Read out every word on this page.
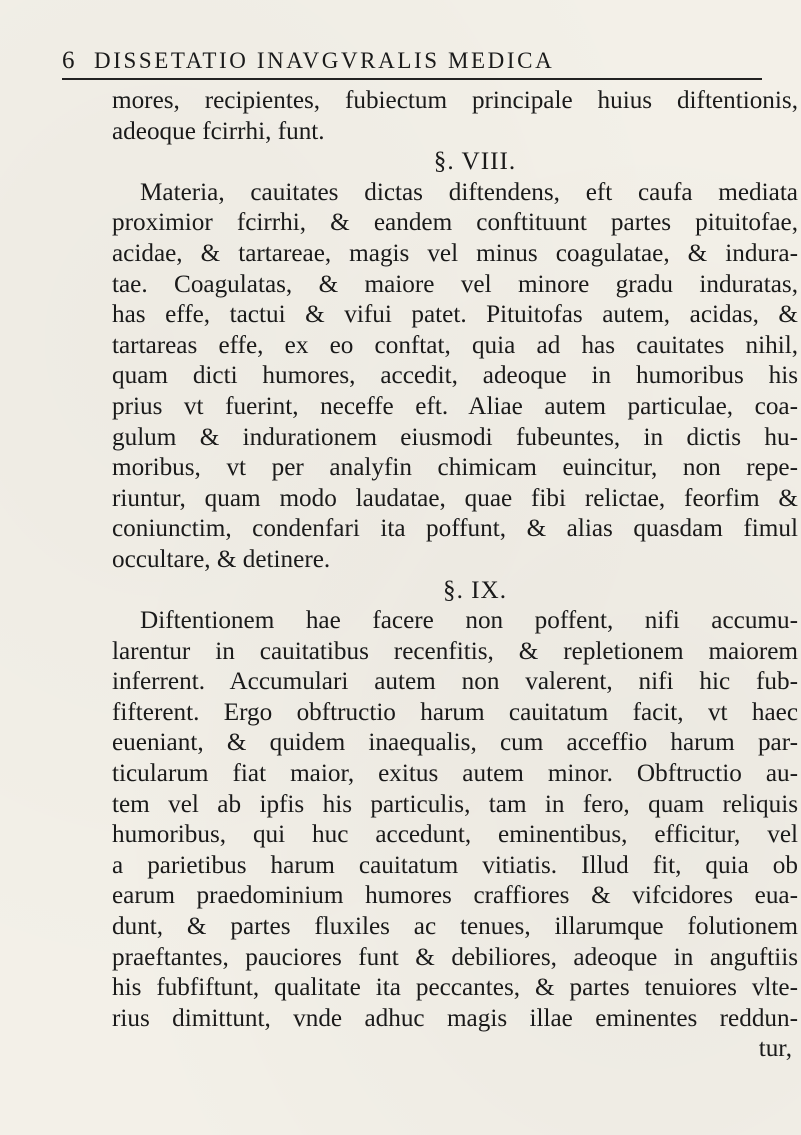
6 DISSETATIO INAVGVRALIS MEDICA
mores, recipientes, fubiectum principale huius diftentionis,
adeoque fcirrhi, funt.
§. VIII.
Materia, cauitates dictas diftendens, eft caufa mediata
proximior fcirrhi, & eandem conftituunt partes pituitofae,
acidae, & tartareae, magis vel minus coagulatae, & indura-
tae. Coagulatas, & maiore vel minore gradu induratas,
has effe, tactui & vifui patet. Pituitofas autem, acidas, &
tartareas effe, ex eo conftat, quia ad has cauitates nihil,
quam dicti humores, accedit, adeoque in humoribus his
prius vt fuerint, neceffe eft. Aliae autem particulae, coa-
gulum & indurationem eiusmodi fubeuntes, in dictis hu-
moribus, vt per analyfin chimicam euincitur, non repe-
riuntur, quam modo laudatae, quae fibi relictae, feorfim &
coniunctim, condenfari ita poffunt, & alias quasdam fimul
occultare, & detinere.
§. IX.
Diftentionem hae facere non poffent, nifi accumu-
larentur in cauitatibus recenfitis, & repletionem maiorem
inferrent. Accumulari autem non valerent, nifi hic fub-
fifterent. Ergo obftructio harum cauitatum facit, vt haec
eueniant, & quidem inaequalis, cum acceffio harum par-
ticularum fiat maior, exitus autem minor. Obftructio au-
tem vel ab ipfis his particulis, tam in fero, quam reliquis
humoribus, qui huc accedunt, eminentibus, efficitur, vel
a parietibus harum cauitatum vitiatis. Illud fit, quia ob
earum praedominium humores craffiores & vifcidores eua-
dunt, & partes fluxiles ac tenues, illarumque folutionem
praeftantes, pauciores funt & debiliores, adeoque in anguftiis
his fubfiftunt, qualitate ita peccantes, & partes tenuiores vlte-
rius dimittunt, vnde adhuc magis illae eminentes reddun-
tur,
